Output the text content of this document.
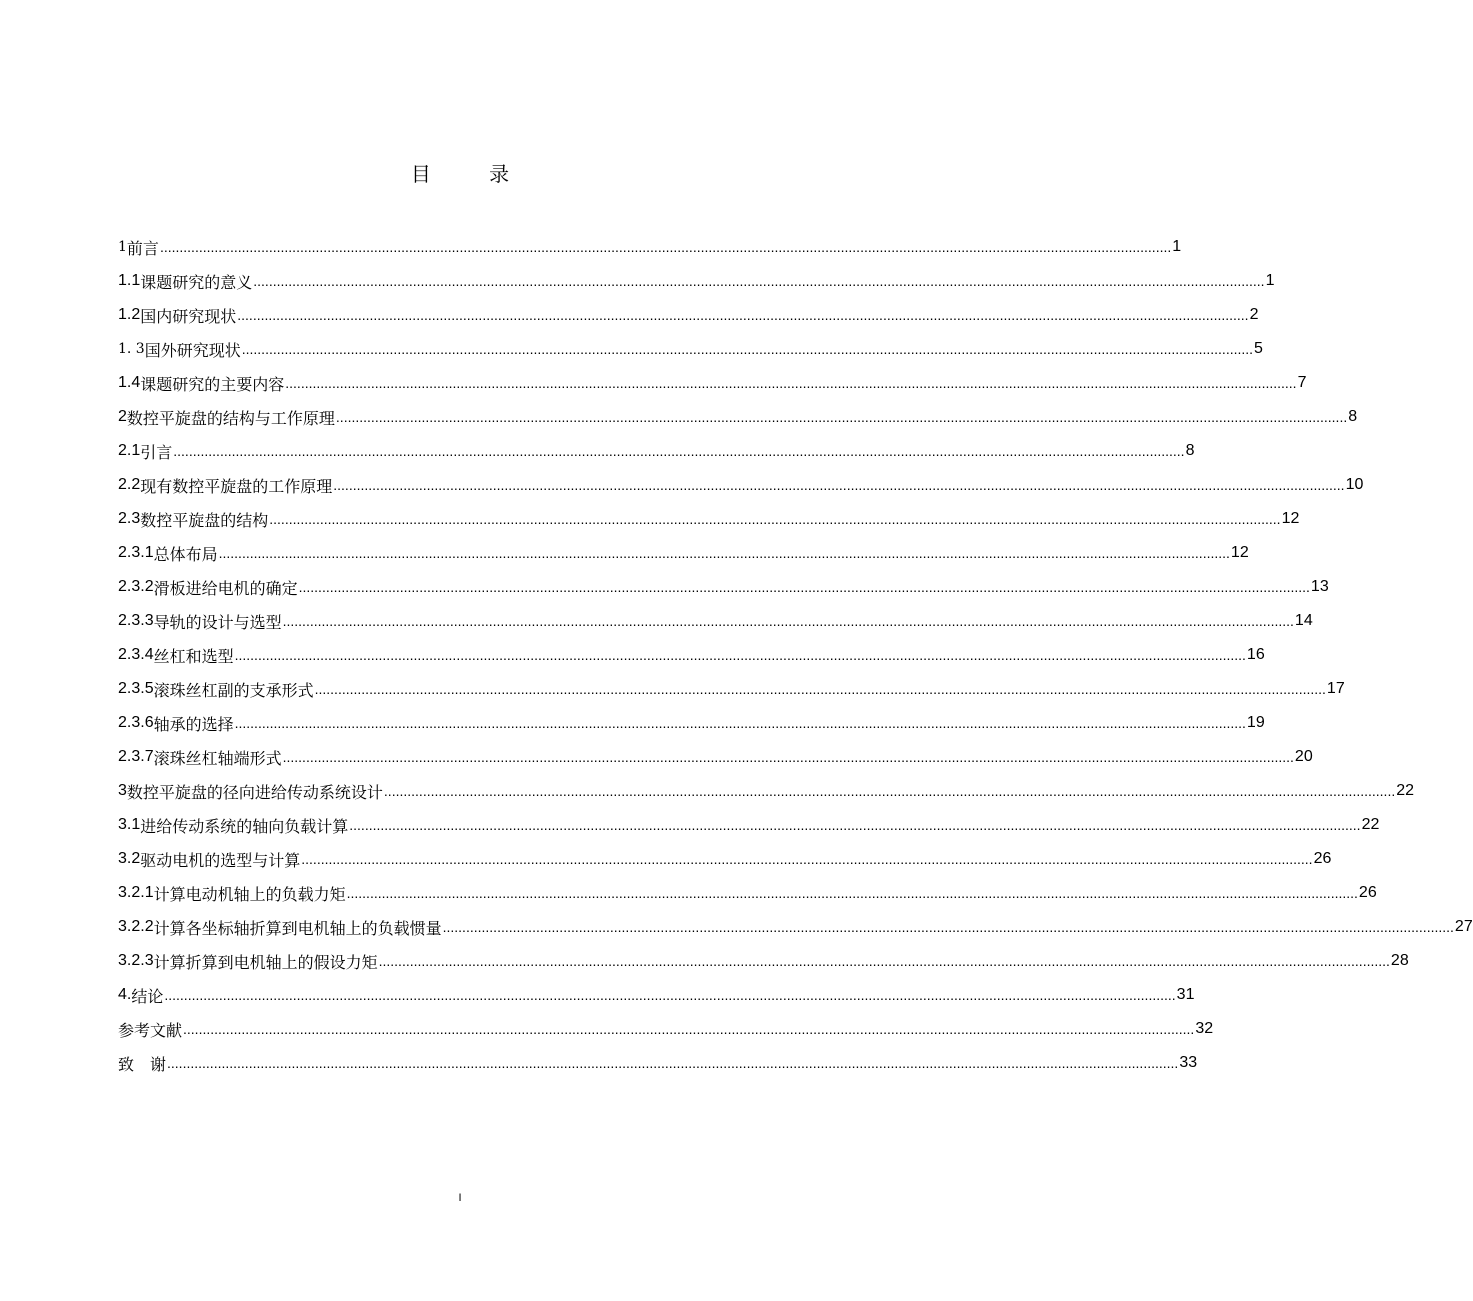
目 录
1 前言 .................................................................................................................................................................................................................................................................... 1
1.1 课题研究的意义 .................................................................................................................................................................................................................................................................... 1
1.2 国内研究现状 .................................................................................................................................................................................................................................................................... 2
1. 3 国外研究现状 .................................................................................................................................................................................................................................................................... 5
1.4 课题研究的主要内容 .................................................................................................................................................................................................................................................................... 7
2 数控平旋盘的结构与工作原理 .................................................................................................................................................................................................................................................................... 8
2.1 引言 .................................................................................................................................................................................................................................................................... 8
2.2 现有数控平旋盘的工作原理 .................................................................................................................................................................................................................................................................... 10
2.3 数控平旋盘的结构 .................................................................................................................................................................................................................................................................... 12
2.3.1 总体布局 .................................................................................................................................................................................................................................................................... 12
2.3.2 滑板进给电机的确定 .................................................................................................................................................................................................................................................................... 13
2.3.3 导轨的设计与选型 .................................................................................................................................................................................................................................................................... 14
2.3.4 丝杠和选型 .................................................................................................................................................................................................................................................................... 16
2.3.5 滚珠丝杠副的支承形式 .................................................................................................................................................................................................................................................................... 17
2.3.6 轴承的选择 .................................................................................................................................................................................................................................................................... 19
2.3.7 滚珠丝杠轴端形式 .................................................................................................................................................................................................................................................................... 20
3 数控平旋盘的径向进给传动系统设计 .................................................................................................................................................................................................................................................................... 22
3.1 进给传动系统的轴向负载计算 .................................................................................................................................................................................................................................................................... 22
3.2 驱动电机的选型与计算 .................................................................................................................................................................................................................................................................... 26
3.2.1 计算电动机轴上的负载力矩 .................................................................................................................................................................................................................................................................... 26
3.2.2 计算各坐标轴折算到电机轴上的负载惯量 .................................................................................................................................................................................................................................................................... 27
3.2.3 计算折算到电机轴上的假设力矩 .................................................................................................................................................................................................................................................................... 28
4. 结论 .................................................................................................................................................................................................................................................................... 31
参考文献 .................................................................................................................................................................................................................................................................... 32
致　谢 .................................................................................................................................................................................................................................................................... 33
I
